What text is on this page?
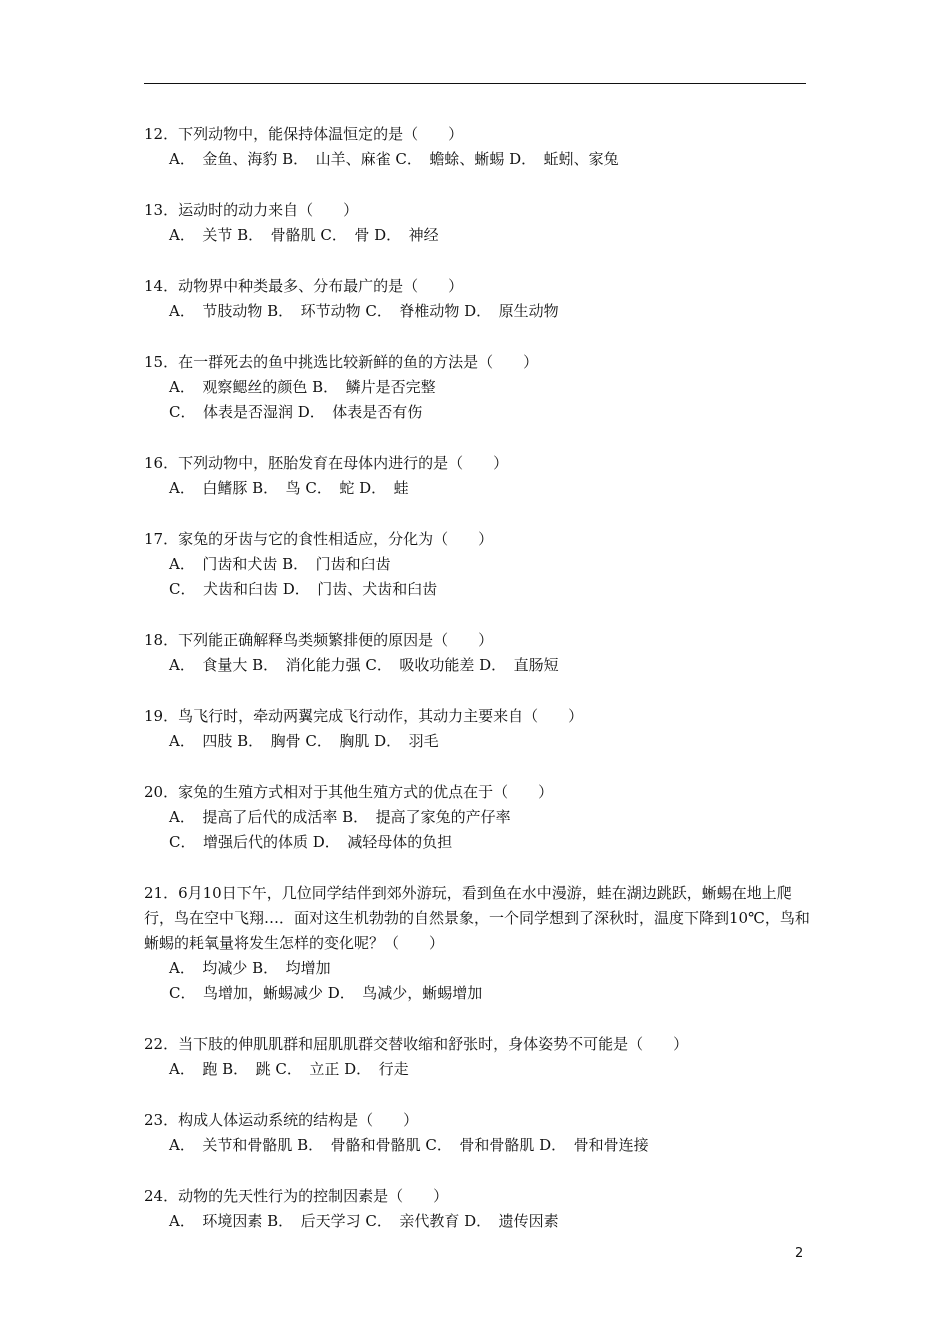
12．下列动物中，能保持体温恒定的是（　　）
A．　金鱼、海豹 B．　山羊、麻雀 C．　蟾蜍、蜥蜴 D．　蚯蚓、家兔
13．运动时的动力来自（　　）
A．　关节 B．　骨骼肌 C．　骨 D．　神经
14．动物界中种类最多、分布最广的是（　　）
A．　节肢动物 B．　环节动物 C．　脊椎动物 D．　原生动物
15．在一群死去的鱼中挑选比较新鲜的鱼的方法是（　　）
A．　观察鳃丝的颜色 B．　鳞片是否完整
C．　体表是否湿润 D．　体表是否有伤
16．下列动物中，胚胎发育在母体内进行的是（　　）
A．　白鳍豚 B．　鸟 C．　蛇 D．　蛙
17．家兔的牙齿与它的食性相适应，分化为（　　）
A．　门齿和犬齿 B．　门齿和臼齿
C．　犬齿和臼齿 D．　门齿、犬齿和臼齿
18．下列能正确解释鸟类频繁排便的原因是（　　）
A．　食量大 B．　消化能力强 C．　吸收功能差 D．　直肠短
19．鸟飞行时，牵动两翼完成飞行动作，其动力主要来自（　　）
A．　四肢 B．　胸骨 C．　胸肌 D．　羽毛
20．家兔的生殖方式相对于其他生殖方式的优点在于（　　）
A．　提高了后代的成活率 B．　提高了家兔的产仔率
C．　增强后代的体质 D．　减轻母体的负担
21．6月10日下午，几位同学结伴到郊外游玩，看到鱼在水中漫游，蛙在湖边跳跃，蜥蜴在地上爬行，鸟在空中飞翔…．面对这生机勃勃的自然景象，一个同学想到了深秋时，温度下降到10℃，鸟和蜥蜴的耗氧量将发生怎样的变化呢？（　　）
A．　均减少 B．　均增加
C．　鸟增加，蜥蜴减少 D．　鸟减少，蜥蜴增加
22．当下肢的伸肌肌群和屈肌肌群交替收缩和舒张时，身体姿势不可能是（　　）
A．　跑 B．　跳 C．　立正 D．　行走
23．构成人体运动系统的结构是（　　）
A．　关节和骨骼肌 B．　骨骼和骨骼肌 C．　骨和骨骼肌 D．　骨和骨连接
24．动物的先天性行为的控制因素是（　　）
A．　环境因素 B．　后天学习 C．　亲代教育 D．　遗传因素
2
